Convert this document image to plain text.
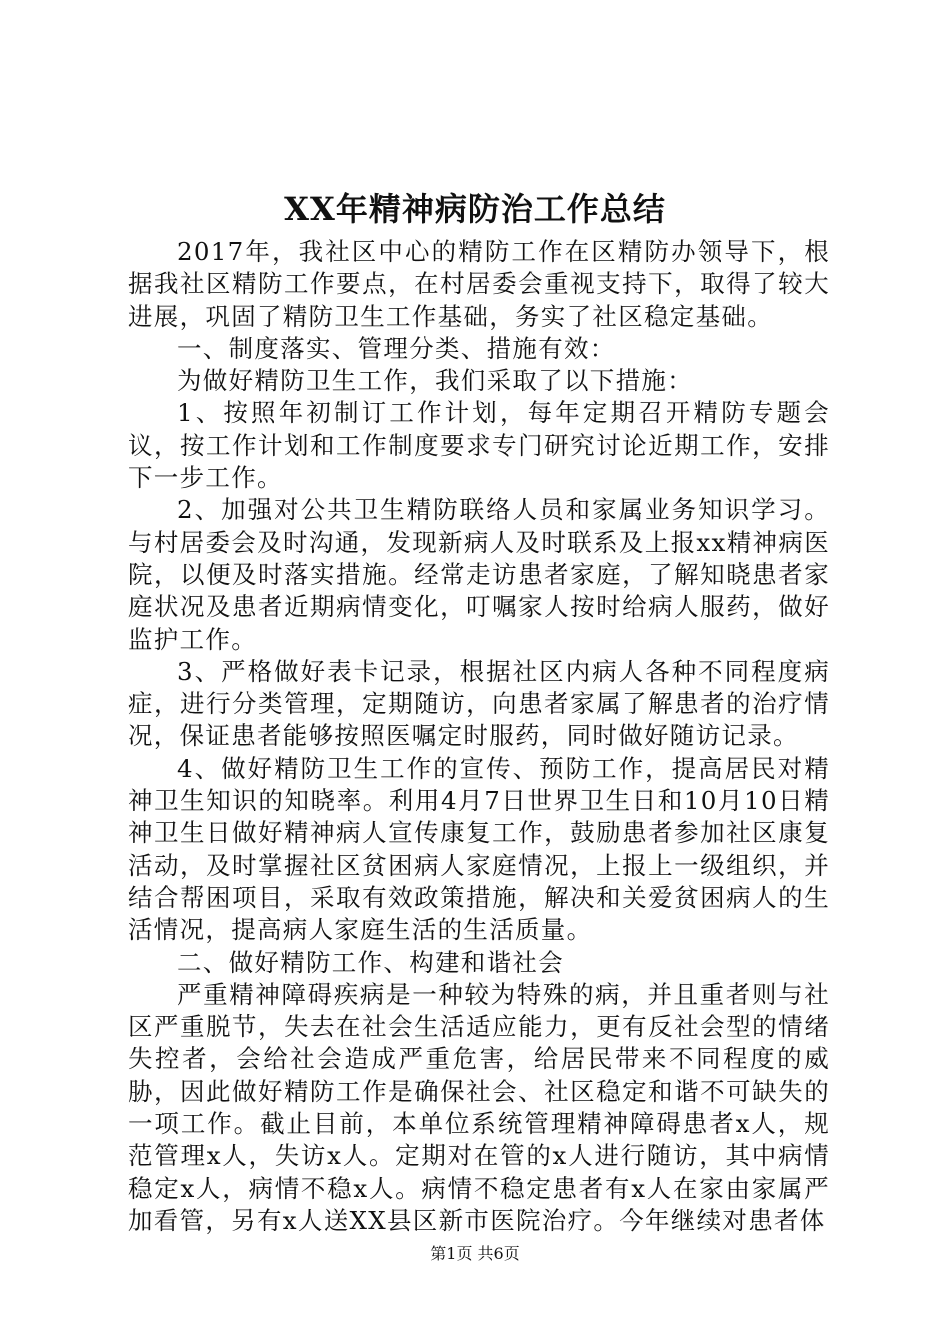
XX年精神病防治工作总结

2017年，我社区中心的精防工作在区精防办领导下，根据我社区精防工作要点，在村居委会重视支持下，取得了较大进展，巩固了精防卫生工作基础，务实了社区稳定基础。

一、制度落实、管理分类、措施有效：

为做好精防卫生工作，我们采取了以下措施：

1、按照年初制订工作计划，每年定期召开精防专题会议，按工作计划和工作制度要求专门研究讨论近期工作，安排下一步工作。

2、加强对公共卫生精防联络人员和家属业务知识学习。与村居委会及时沟通，发现新病人及时联系及上报xx精神病医院，以便及时落实措施。经常走访患者家庭，了解知晓患者家庭状况及患者近期病情变化，叮嘱家人按时给病人服药，做好监护工作。

3、严格做好表卡记录，根据社区内病人各种不同程度病症，进行分类管理，定期随访，向患者家属了解患者的治疗情况，保证患者能够按照医嘱定时服药，同时做好随访记录。

4、做好精防卫生工作的宣传、预防工作，提高居民对精神卫生知识的知晓率。利用4月7日世界卫生日和10月10日精神卫生日做好精神病人宣传康复工作，鼓励患者参加社区康复活动，及时掌握社区贫困病人家庭情况，上报上一级组织，并结合帮困项目，采取有效政策措施，解决和关爱贫困病人的生活情况，提高病人家庭生活的生活质量。

二、做好精防工作、构建和谐社会

严重精神障碍疾病是一种较为特殊的病，并且重者则与社区严重脱节，失去在社会生活适应能力，更有反社会型的情绪失控者，会给社会造成严重危害，给居民带来不同程度的威胁，因此做好精防工作是确保社会、社区稳定和谐不可缺失的一项工作。截止目前，本单位系统管理精神障碍患者x人，规范管理x人，失访x人。定期对在管的x人进行随访，其中病情稳定x人，病情不稳x人。病情不稳定患者有x人在家由家属严加看管，另有x人送XX县区新市医院治疗。今年继续对患者体

第1页 共6页
